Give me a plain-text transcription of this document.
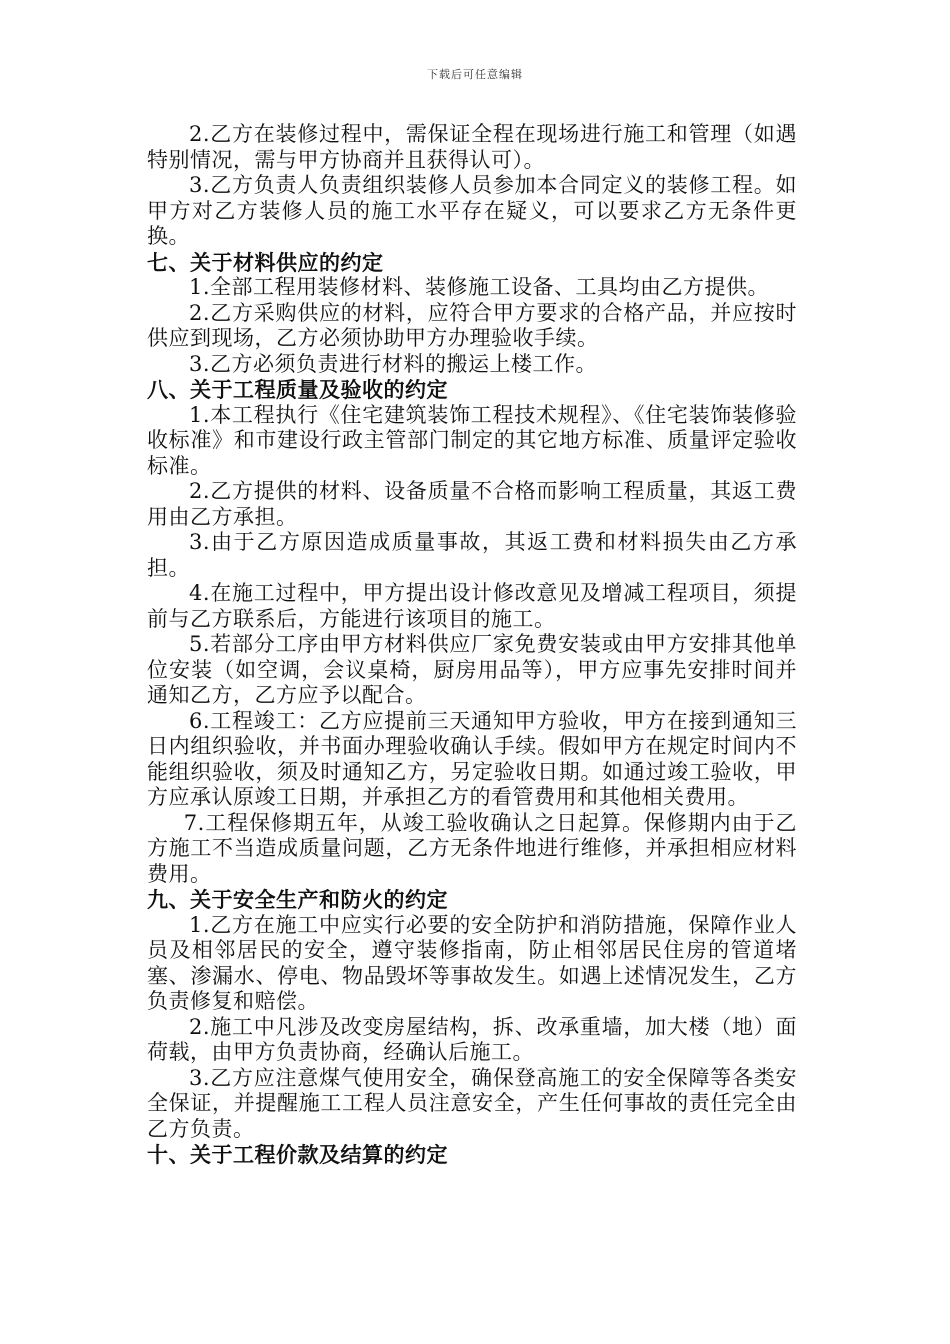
下载后可任意编辑

2.乙方在装修过程中，需保证全程在现场进行施工和管理（如遇特别情况，需与甲方协商并且获得认可）。

3.乙方负责人负责组织装修人员参加本合同定义的装修工程。如甲方对乙方装修人员的施工水平存在疑义，可以要求乙方无条件更换。

七、关于材料供应的约定

1.全部工程用装修材料、装修施工设备、工具均由乙方提供。

2.乙方采购供应的材料，应符合甲方要求的合格产品，并应按时供应到现场，乙方必须协助甲方办理验收手续。

3.乙方必须负责进行材料的搬运上楼工作。

八、关于工程质量及验收的约定

1.本工程执行《住宅建筑装饰工程技术规程》、《住宅装饰装修验收标准》和市建设行政主管部门制定的其它地方标准、质量评定验收标准。

2.乙方提供的材料、设备质量不合格而影响工程质量，其返工费用由乙方承担。

3.由于乙方原因造成质量事故，其返工费和材料损失由乙方承担。

4.在施工过程中，甲方提出设计修改意见及增减工程项目，须提前与乙方联系后，方能进行该项目的施工。

5.若部分工序由甲方材料供应厂家免费安装或由甲方安排其他单位安装（如空调，会议桌椅，厨房用品等），甲方应事先安排时间并通知乙方，乙方应予以配合。

6.工程竣工：乙方应提前三天通知甲方验收，甲方在接到通知三日内组织验收，并书面办理验收确认手续。假如甲方在规定时间内不能组织验收，须及时通知乙方，另定验收日期。如通过竣工验收，甲方应承认原竣工日期，并承担乙方的看管费用和其他相关费用。

7.工程保修期五年，从竣工验收确认之日起算。保修期内由于乙方施工不当造成质量问题，乙方无条件地进行维修，并承担相应材料费用。

九、关于安全生产和防火的约定

1.乙方在施工中应实行必要的安全防护和消防措施，保障作业人员及相邻居民的安全，遵守装修指南，防止相邻居民住房的管道堵塞、渗漏水、停电、物品毁坏等事故发生。如遇上述情况发生，乙方负责修复和赔偿。

2.施工中凡涉及改变房屋结构，拆、改承重墙，加大楼（地）面荷载，由甲方负责协商，经确认后施工。

3.乙方应注意煤气使用安全，确保登高施工的安全保障等各类安全保证，并提醒施工工程人员注意安全，产生任何事故的责任完全由乙方负责。

十、关于工程价款及结算的约定
